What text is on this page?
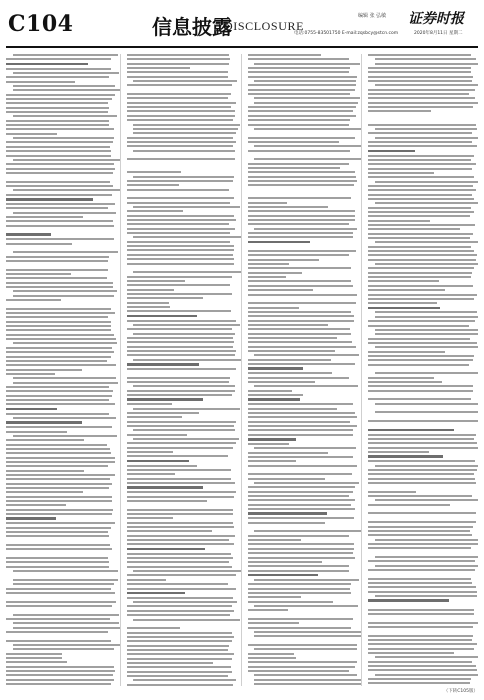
C104	信息披露
DISCLOSURE
编辑 张 弘敏 证券时报
电话:0755-83501750 E-mail:zqsbcy@stcn.com	2020年8月11日 星期二
（下转C105版）
